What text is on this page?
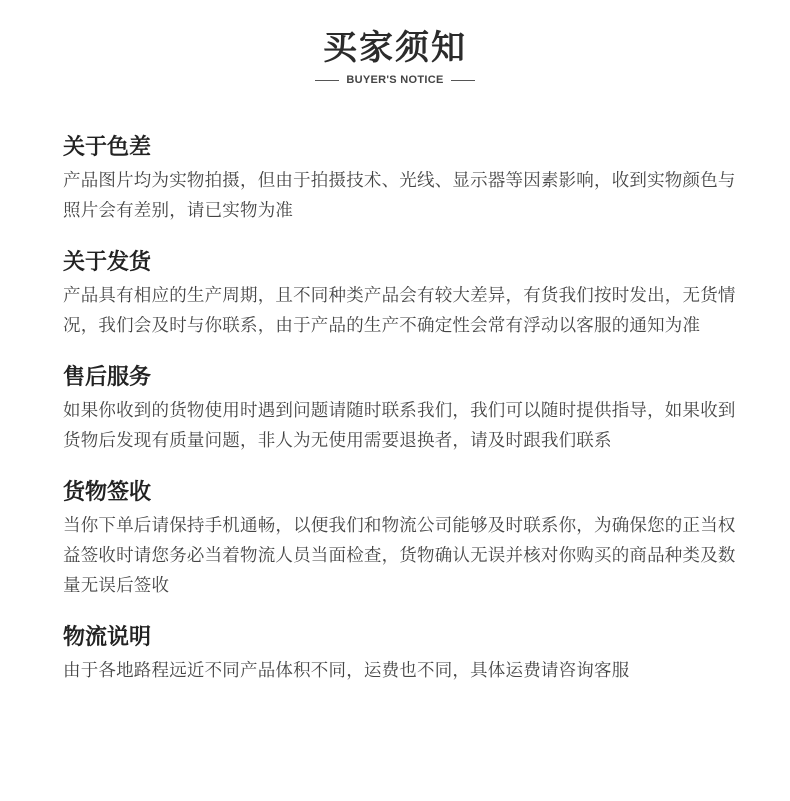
买家须知
BUYER'S NOTICE
关于色差
产品图片均为实物拍摄，但由于拍摄技术、光线、显示器等因素影响，收到实物颜色与照片会有差别，请已实物为准
关于发货
产品具有相应的生产周期，且不同种类产品会有较大差异，有货我们按时发出，无货情况，我们会及时与你联系，由于产品的生产不确定性会常有浮动以客服的通知为准
售后服务
如果你收到的货物使用时遇到问题请随时联系我们，我们可以随时提供指导，如果收到货物后发现有质量问题，非人为无使用需要退换者，请及时跟我们联系
货物签收
当你下单后请保持手机通畅，以便我们和物流公司能够及时联系你，为确保您的正当权益签收时请您务必当着物流人员当面检查，货物确认无误并核对你购买的商品种类及数量无误后签收
物流说明
由于各地路程远近不同产品体积不同，运费也不同，具体运费请咨询客服
